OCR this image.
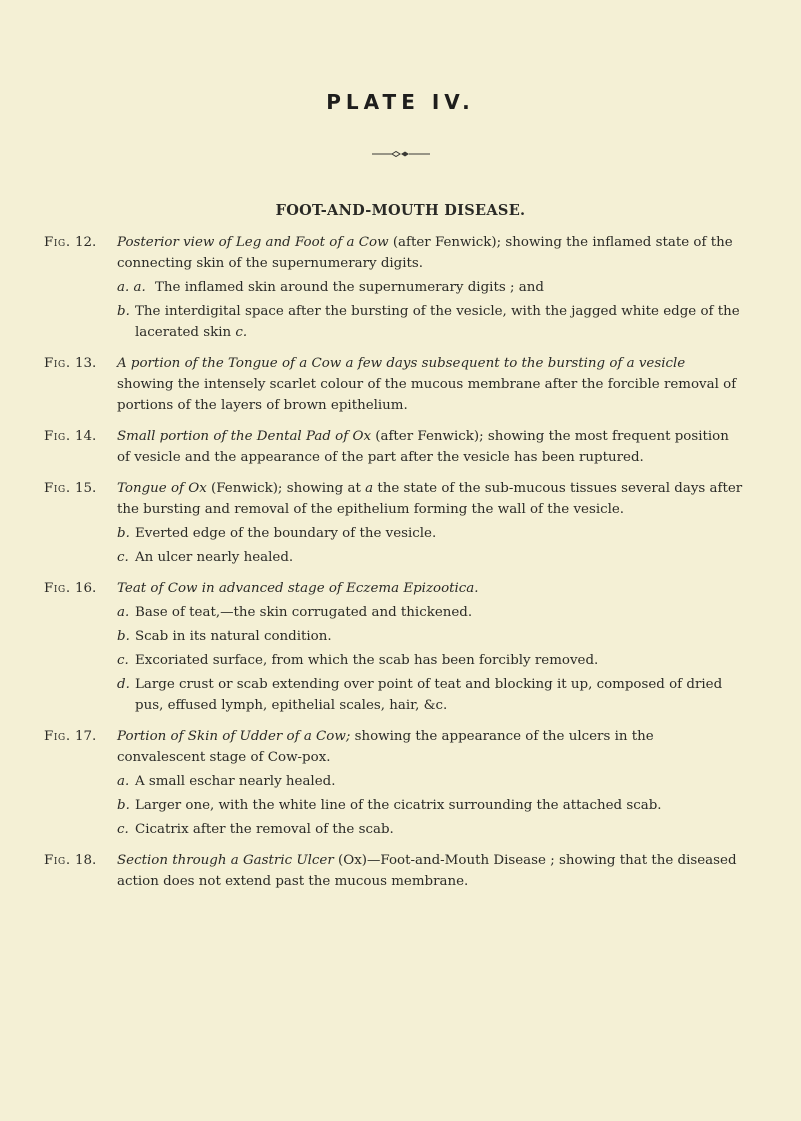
PLATE IV.
FOOT-AND-MOUTH DISEASE.
Fig. 12.	Posterior view of Leg and Foot of a Cow (after Fenwick); showing the inflamed state of the connecting skin of the supernumerary digits.
a. a. The inflamed skin around the supernumerary digits ; and
b. The interdigital space after the bursting of the vesicle, with the jagged white edge of the lacerated skin c.
Fig. 13.	A portion of the Tongue of a Cow a few days subsequent to the bursting of a vesicle showing the intensely scarlet colour of the mucous membrane after the forcible removal of portions of the layers of brown epithelium.
Fig. 14.	Small portion of the Dental Pad of Ox (after Fenwick); showing the most frequent position of vesicle and the appearance of the part after the vesicle has been ruptured.
Fig. 15.	Tongue of Ox (Fenwick); showing at a the state of the sub-mucous tissues several days after the bursting and removal of the epithelium forming the wall of the vesicle.
b. Everted edge of the boundary of the vesicle.
c. An ulcer nearly healed.
Fig. 16.	Teat of Cow in advanced stage of Eczema Epizootica.
a. Base of teat,—the skin corrugated and thickened.
b. Scab in its natural condition.
c. Excoriated surface, from which the scab has been forcibly removed.
d. Large crust or scab extending over point of teat and blocking it up, composed of dried pus, effused lymph, epithelial scales, hair, &c.
Fig. 17.	Portion of Skin of Udder of a Cow; showing the appearance of the ulcers in the convalescent stage of Cow-pox.
a. A small eschar nearly healed.
b. Larger one, with the white line of the cicatrix surrounding the attached scab.
c. Cicatrix after the removal of the scab.
Fig. 18.	Section through a Gastric Ulcer (Ox)—Foot-and-Mouth Disease ; showing that the diseased action does not extend past the mucous membrane.
